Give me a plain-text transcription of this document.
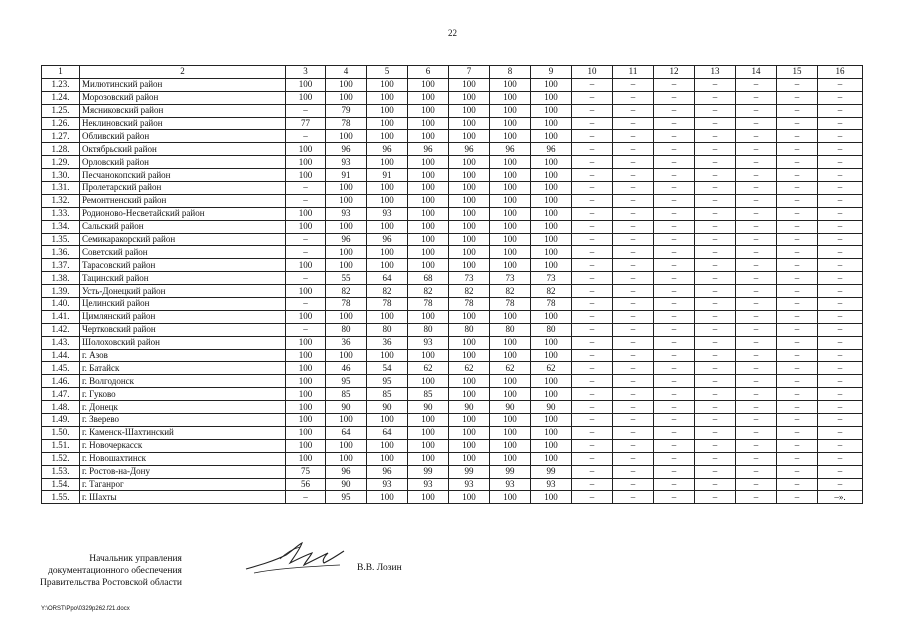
22
1	2	3	4	5	6	7	8	9	10	11	12	13	14	15	16
1.23.	Милютинский район	100	100	100	100	100	100	100	–	–	–	–	–	–	–
1.24.	Морозовский район	100	100	100	100	100	100	100	–	–	–	–	–	–	–
1.25.	Мясниковский район	–	79	100	100	100	100	100	–	–	–	–	–	–	–
1.26.	Неклиновский район	77	78	100	100	100	100	100	–	–	–	–	–	–	–
1.27.	Обливский район	–	100	100	100	100	100	100	–	–	–	–	–	–	–
1.28.	Октябрьский район	100	96	96	96	96	96	96	–	–	–	–	–	–	–
1.29.	Орловский район	100	93	100	100	100	100	100	–	–	–	–	–	–	–
1.30.	Песчанокопский район	100	91	91	100	100	100	100	–	–	–	–	–	–	–
1.31.	Пролетарский район	–	100	100	100	100	100	100	–	–	–	–	–	–	–
1.32.	Ремонтненский район	–	100	100	100	100	100	100	–	–	–	–	–	–	–
1.33.	Родионово-Несветайский район	100	93	93	100	100	100	100	–	–	–	–	–	–	–
1.34.	Сальский район	100	100	100	100	100	100	100	–	–	–	–	–	–	–
1.35.	Семикаракорский район	–	96	96	100	100	100	100	–	–	–	–	–	–	–
1.36.	Советский район	–	100	100	100	100	100	100	–	–	–	–	–	–	–
1.37.	Тарасовский район	100	100	100	100	100	100	100	–	–	–	–	–	–	–
1.38.	Тацинский район	–	55	64	68	73	73	73	–	–	–	–	–	–	–
1.39.	Усть-Донецкий район	100	82	82	82	82	82	82	–	–	–	–	–	–	–
1.40.	Целинский район	–	78	78	78	78	78	78	–	–	–	–	–	–	–
1.41.	Цимлянский район	100	100	100	100	100	100	100	–	–	–	–	–	–	–
1.42.	Чертковский район	–	80	80	80	80	80	80	–	–	–	–	–	–	–
1.43.	Шолоховский район	100	36	36	93	100	100	100	–	–	–	–	–	–	–
1.44.	г. Азов	100	100	100	100	100	100	100	–	–	–	–	–	–	–
1.45.	г. Батайск	100	46	54	62	62	62	62	–	–	–	–	–	–	–
1.46.	г. Волгодонск	100	95	95	100	100	100	100	–	–	–	–	–	–	–
1.47.	г. Гуково	100	85	85	85	100	100	100	–	–	–	–	–	–	–
1.48.	г. Донецк	100	90	90	90	90	90	90	–	–	–	–	–	–	–
1.49.	г. Зверево	100	100	100	100	100	100	100	–	–	–	–	–	–	–
1.50.	г. Каменск-Шахтинский	100	64	64	100	100	100	100	–	–	–	–	–	–	–
1.51.	г. Новочеркасск	100	100	100	100	100	100	100	–	–	–	–	–	–	–
1.52.	г. Новошахтинск	100	100	100	100	100	100	100	–	–	–	–	–	–	–
1.53.	г. Ростов-на-Дону	75	96	96	99	99	99	99	–	–	–	–	–	–	–
1.54.	г. Таганрог	56	90	93	93	93	93	93	–	–	–	–	–	–	–
1.55.	г. Шахты	–	95	100	100	100	100	100	–	–	–	–	–	–	–».
Начальник управления
документационного обеспечения
Правительства Ростовской области
В.В. Лозин
Y:\ORST\Ppo\0329p262.f21.docx
